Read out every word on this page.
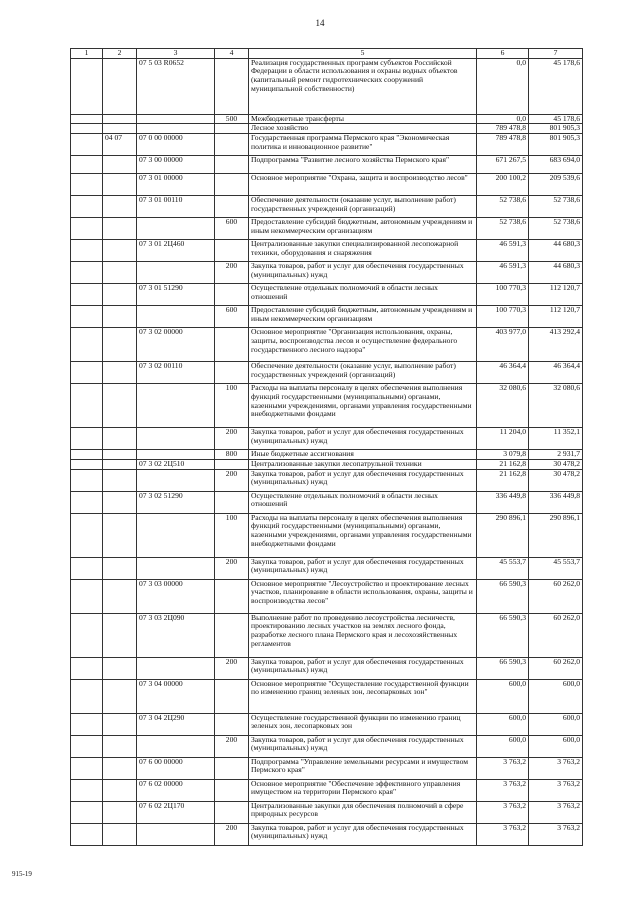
14
1	2	3	4	5	6	7
		07 5 03 R0652		Реализация государственных программ субъектов Российской Федерации в области использования и охраны водных объектов (капитальный ремонт гидротехнических сооружений муниципальной собственности)	0,0	45 178,6
			500	Межбюджетные трансферты	0,0	45 178,6
				Лесное хозяйство	789 478,8	801 905,3
	04 07	07 0 00 00000		Государственная программа Пермского края "Экономическая политика и инновационное развитие"	789 478,8	801 905,3
		07 3 00 00000		Подпрограмма "Развитие лесного хозяйства Пермского края"	671 267,5	683 694,0
		07 3 01 00000		Основное мероприятие "Охрана, защита и воспроизводство лесов"	200 100,2	209 539,6
		07 3 01 00110		Обеспечение деятельности (оказание услуг, выполнение работ) государственных учреждений (организаций)	52 738,6	52 738,6
			600	Предоставление субсидий бюджетным, автономным учреждениям и иным некоммерческим организациям	52 738,6	52 738,6
		07 3 01 2Ц460		Централизованные закупки специализированной лесопожарной техники, оборудования и снаряжения	46 591,3	44 680,3
			200	Закупка товаров, работ и услуг для обеспечения государственных (муниципальных) нужд	46 591,3	44 680,3
		07 3 01 51290		Осуществление отдельных полномочий в области лесных отношений	100 770,3	112 120,7
			600	Предоставление субсидий бюджетным, автономным учреждениям и иным некоммерческим организациям	100 770,3	112 120,7
		07 3 02 00000		Основное мероприятие "Организация использования, охраны, защиты, воспроизводства лесов и осуществление федерального государственного лесного надзора"	403 977,0	413 292,4
		07 3 02 00110		Обеспечение деятельности (оказание услуг, выполнение работ) государственных учреждений (организаций)	46 364,4	46 364,4
			100	Расходы на выплаты персоналу в целях обеспечения выполнения функций государственными (муниципальными) органами, казенными учреждениями, органами управления государственными внебюджетными фондами	32 080,6	32 080,6
			200	Закупка товаров, работ и услуг для обеспечения государственных (муниципальных) нужд	11 204,0	11 352,1
			800	Иные бюджетные ассигнования	3 079,8	2 931,7
		07 3 02 2Ц510		Централизованные закупки лесопатрульной техники	21 162,8	30 478,2
			200	Закупка товаров, работ и услуг для обеспечения государственных (муниципальных) нужд	21 162,8	30 478,2
		07 3 02 51290		Осуществление отдельных полномочий в области лесных отношений	336 449,8	336 449,8
			100	Расходы на выплаты персоналу в целях обеспечения выполнения функций государственными (муниципальными) органами, казенными учреждениями, органами управления государственными внебюджетными фондами	290 896,1	290 896,1
			200	Закупка товаров, работ и услуг для обеспечения государственных (муниципальных) нужд	45 553,7	45 553,7
		07 3 03 00000		Основное мероприятие "Лесоустройство и проектирование лесных участков, планирование в области использования, охраны, защиты и воспроизводства лесов"	66 590,3	60 262,0
		07 3 03 2Ц090		Выполнение работ по проведению лесоустройства лесничеств, проектированию лесных участков на землях лесного фонда, разработке лесного плана Пермского края и лесохозяйственных регламентов	66 590,3	60 262,0
			200	Закупка товаров, работ и услуг для обеспечения государственных (муниципальных) нужд	66 590,3	60 262,0
		07 3 04 00000		Основное мероприятие "Осуществление государственной функции по изменению границ зеленых зон, лесопарковых зон"	600,0	600,0
		07 3 04 2Ц290		Осуществление государственной функции по изменению границ зеленых зон, лесопарковых зон	600,0	600,0
			200	Закупка товаров, работ и услуг для обеспечения государственных (муниципальных) нужд	600,0	600,0
		07 6 00 00000		Подпрограмма "Управление земельными ресурсами и имуществом Пермского края"	3 763,2	3 763,2
		07 6 02 00000		Основное мероприятие "Обеспечение эффективного управления имуществом на территории Пермского края"	3 763,2	3 763,2
		07 6 02 2Ц170		Централизованные закупки для обеспечения полномочий в сфере природных ресурсов	3 763,2	3 763,2
			200	Закупка товаров, работ и услуг для обеспечения государственных (муниципальных) нужд	3 763,2	3 763,2
915-19
